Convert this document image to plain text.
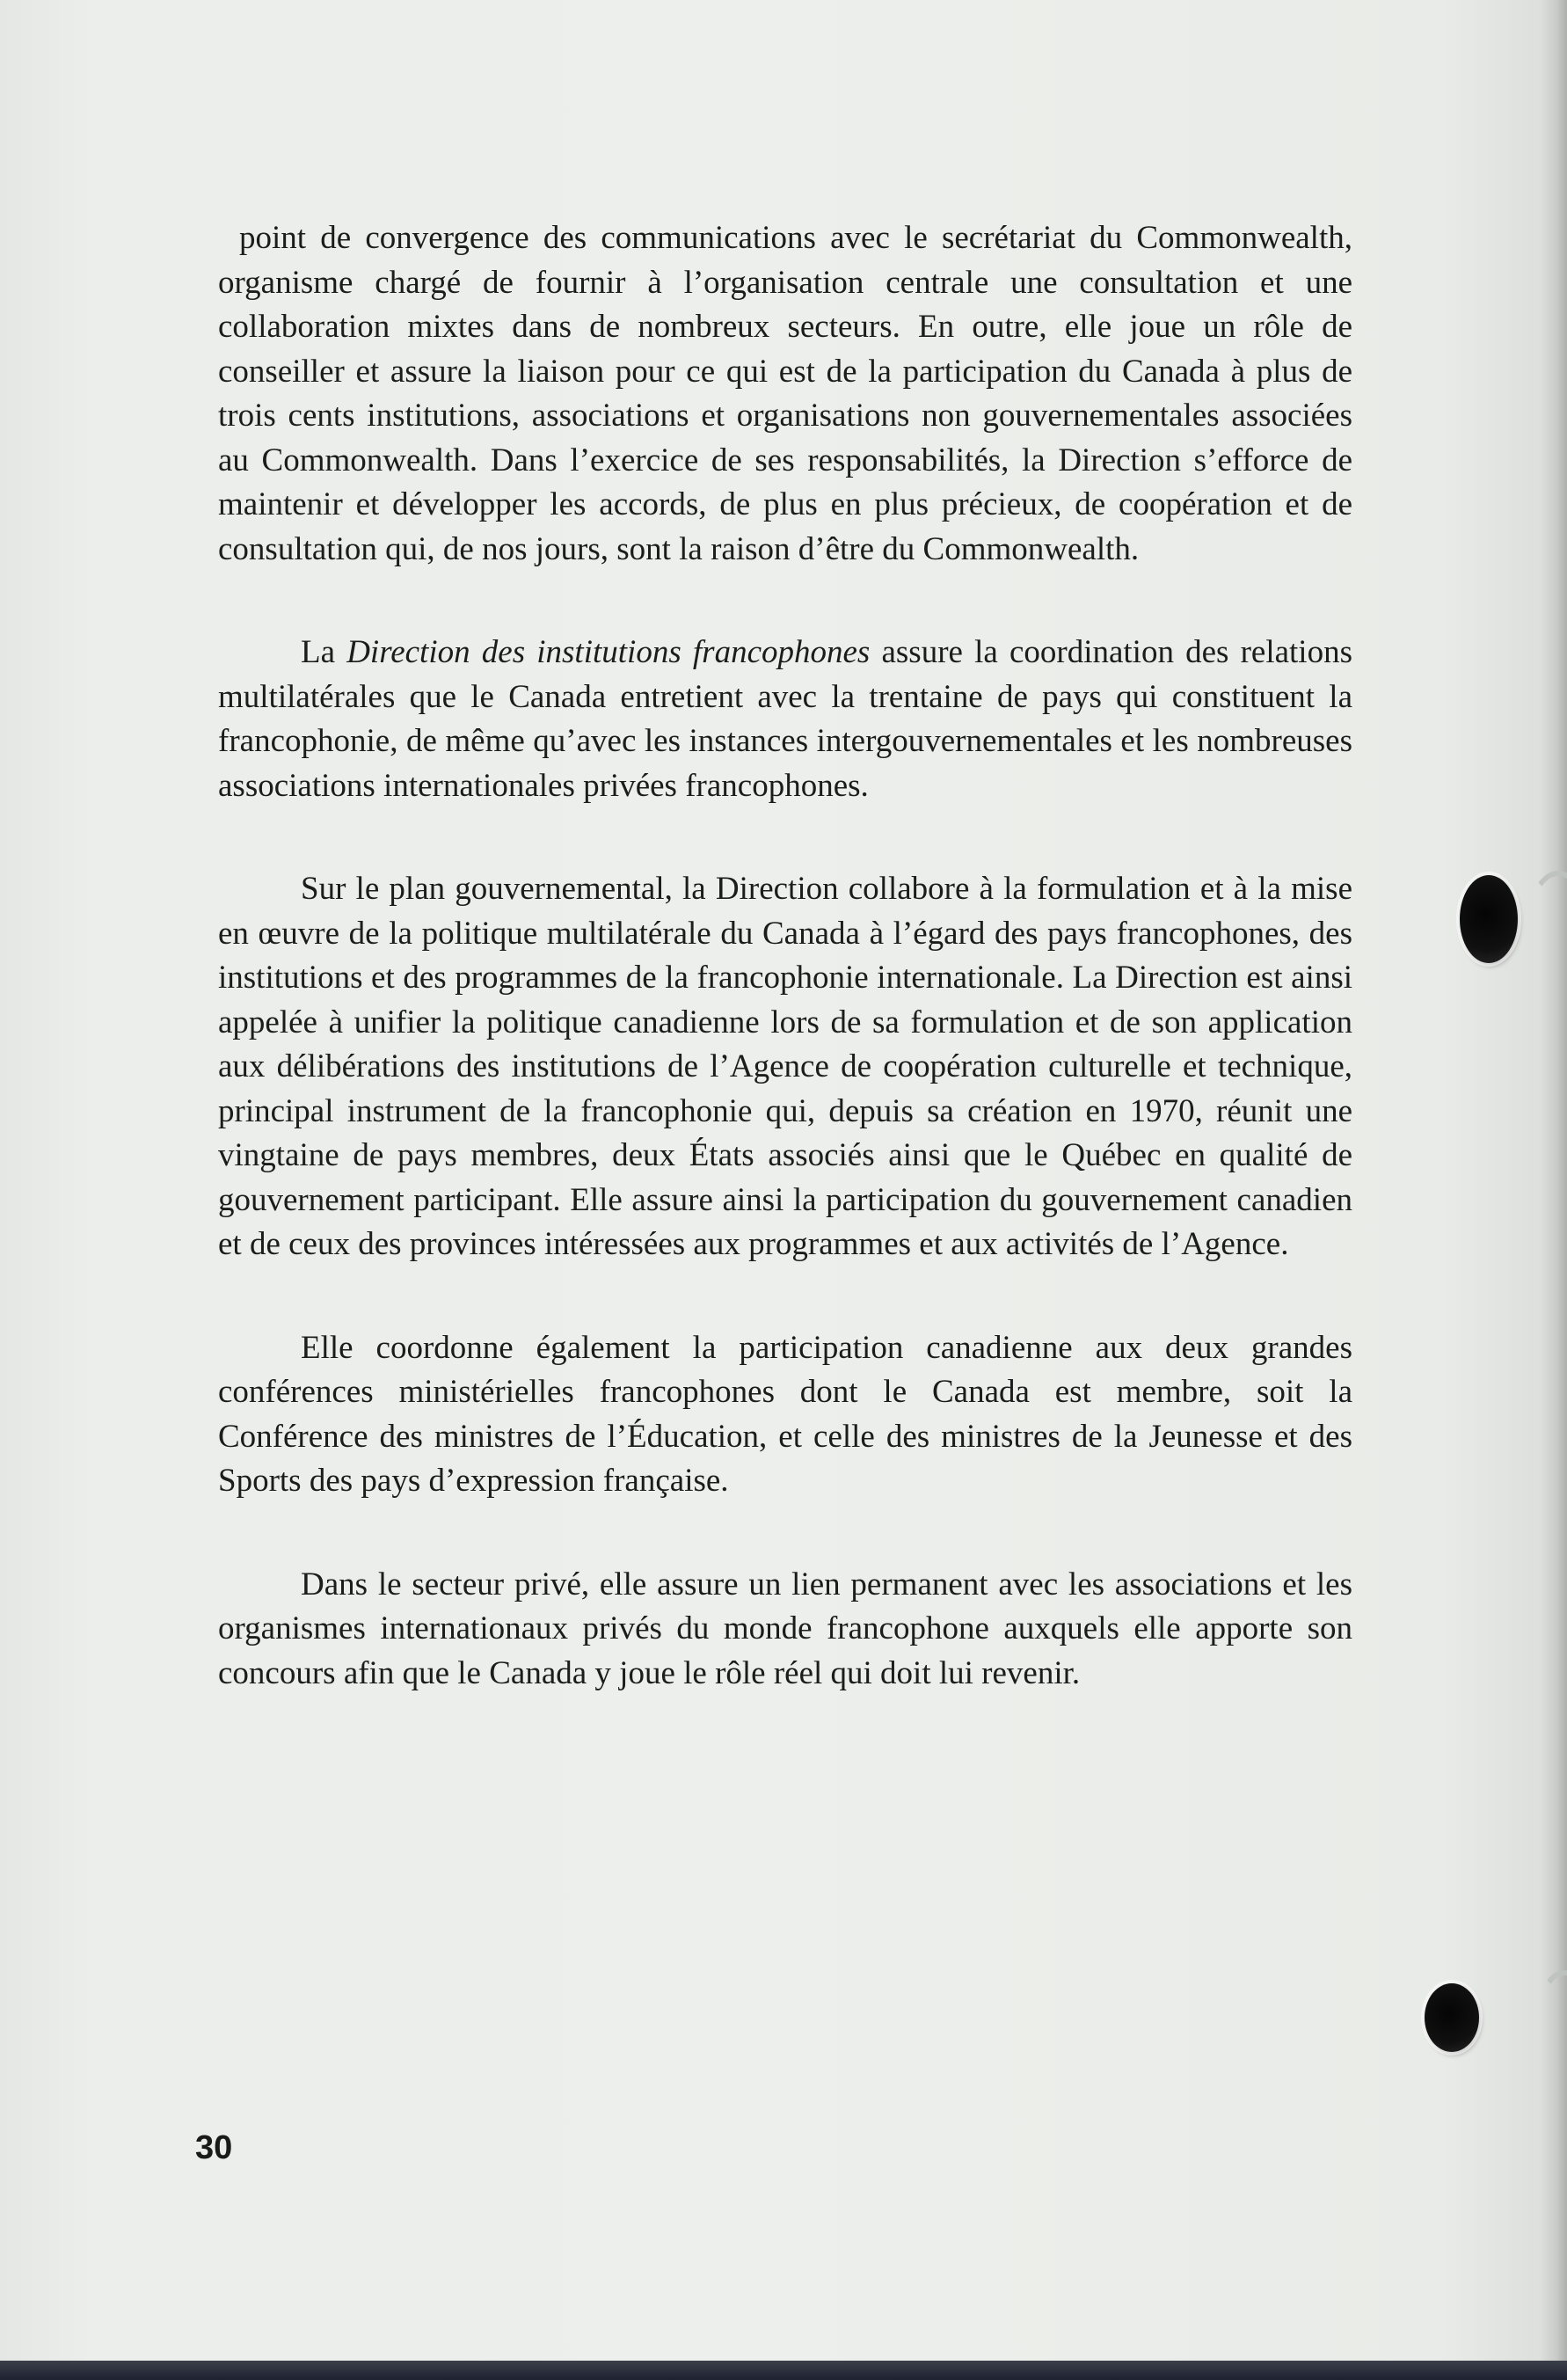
point de convergence des communications avec le secrétariat du Commonwealth, organisme chargé de fournir à l’organisation centrale une consultation et une collaboration mixtes dans de nombreux secteurs. En outre, elle joue un rôle de conseiller et assure la liaison pour ce qui est de la participation du Canada à plus de trois cents institutions, associations et organisations non gouvernementales associées au Commonwealth. Dans l’exercice de ses responsabilités, la Direction s’efforce de maintenir et développer les accords, de plus en plus précieux, de coopération et de consultation qui, de nos jours, sont la raison d’être du Commonwealth.

La Direction des institutions francophones assure la coordination des relations multilatérales que le Canada entretient avec la trentaine de pays qui constituent la francophonie, de même qu’avec les instances intergouvernementales et les nombreuses associations internationales privées francophones.

Sur le plan gouvernemental, la Direction collabore à la formulation et à la mise en œuvre de la politique multilatérale du Canada à l’égard des pays francophones, des institutions et des programmes de la francophonie internationale. La Direction est ainsi appelée à unifier la politique canadienne lors de sa formulation et de son application aux délibérations des institutions de l’Agence de coopération culturelle et technique, principal instrument de la francophonie qui, depuis sa création en 1970, réunit une vingtaine de pays membres, deux États associés ainsi que le Québec en qualité de gouvernement participant. Elle assure ainsi la participation du gouvernement canadien et de ceux des provinces intéressées aux programmes et aux activités de l’Agence.

Elle coordonne également la participation canadienne aux deux grandes conférences ministérielles francophones dont le Canada est membre, soit la Conférence des ministres de l’Éducation, et celle des ministres de la Jeunesse et des Sports des pays d’expression française.

Dans le secteur privé, elle assure un lien permanent avec les associations et les organismes internationaux privés du monde francophone auxquels elle apporte son concours afin que le Canada y joue le rôle réel qui doit lui revenir.

30
